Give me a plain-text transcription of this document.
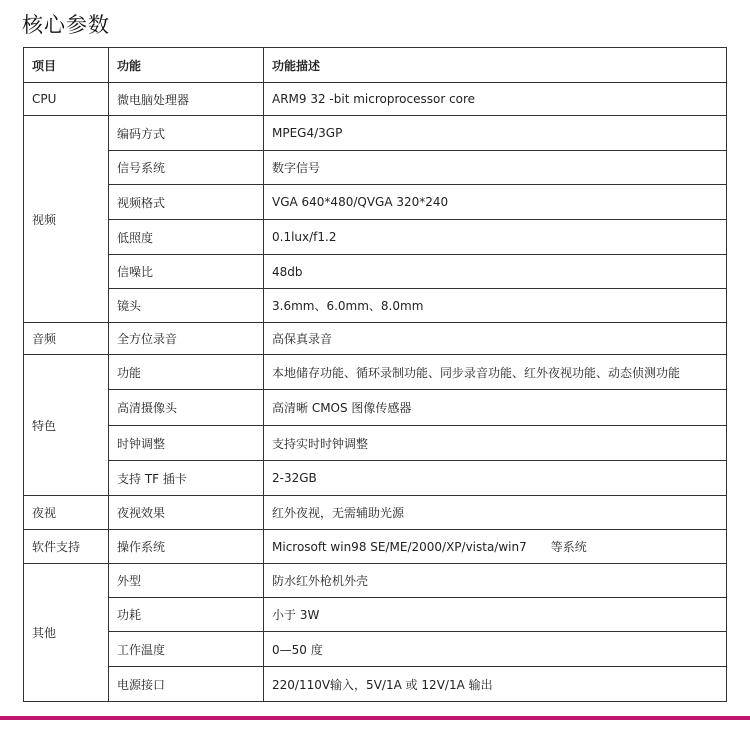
核心参数
项目	功能	功能描述
CPU	微电脑处理器	ARM9 32 -bit microprocessor core
视频	编码方式	MPEG4/3GP
	信号系统	数字信号
	视频格式	VGA 640*480/QVGA 320*240
	低照度	0.1lux/f1.2
	信噪比	48db
	镜头	3.6mm、6.0mm、8.0mm
音频	全方位录音	高保真录音
特色	功能	本地储存功能、循环录制功能、同步录音功能、红外夜视功能、动态侦测功能
	高清摄像头	高清晰 CMOS 图像传感器
	时钟调整	支持实时时钟调整
	支持 TF 插卡	2-32GB
夜视	夜视效果	红外夜视，无需辅助光源
软件支持	操作系统	Microsoft win98 SE/ME/2000/XP/vista/win7　　等系统
其他	外型	防水红外枪机外壳
	功耗	小于 3W
	工作温度	0—50 度
	电源接口	220/110V输入，5V/1A 或 12V/1A 输出
